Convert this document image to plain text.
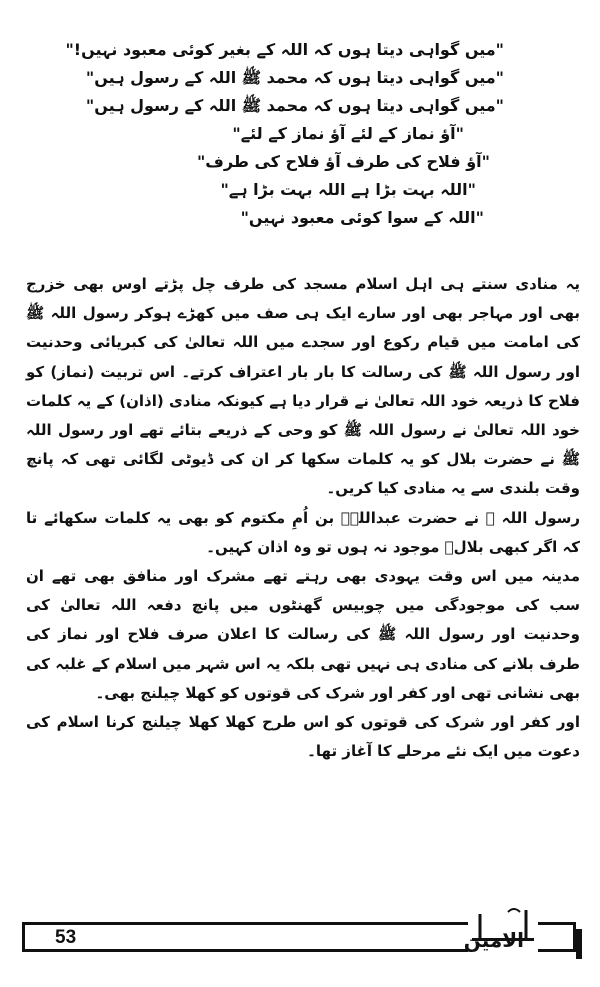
"میں گواہی دیتا ہوں کہ اللہ کے بغیر کوئی معبود نہیں!"
"میں گواہی دیتا ہوں کہ محمد ﷺ اللہ کے رسول ہیں"
"میں گواہی دیتا ہوں کہ محمد ﷺ اللہ کے رسول ہیں"
"آؤ نماز کے لئے آؤ نماز کے لئے"
"آؤ فلاح کی طرف آؤ فلاح کی طرف"
"اللہ بہت بڑا ہے اللہ بہت بڑا ہے"
"اللہ کے سوا کوئی معبود نہیں"

یہ منادی سنتے ہی اہل اسلام مسجد کی طرف چل پڑتے اوس بھی خزرج بھی اور مہاجر بھی اور سارے ایک ہی صف میں کھڑے ہوکر رسول اللہ ﷺ کی امامت میں قیام رکوع اور سجدے میں اللہ تعالیٰ کی کبریائی وحدنیت اور رسول اللہ ﷺ کی رسالت کا بار بار اعتراف کرتے۔ اس تربیت (نماز) کو فلاح کا ذریعہ خود اللہ تعالیٰ نے قرار دیا ہے کیونکہ منادی (اذان) کے یہ کلمات خود اللہ تعالیٰ نے رسول اللہ ﷺ کو وحی کے ذریعے بتائے تھے اور رسول اللہ ﷺ نے حضرت بلال کو یہ کلمات سکھا کر ان کی ڈیوٹی لگائی تھی کہ پانچ وقت بلندی سے یہ منادی کیا کریں۔

رسول اللہ ﷺ نے حضرت عبداللہؓ بن اُمِ مکتوم کو بھی یہ کلمات سکھائے تا کہ اگر کبھی بلالؓ موجود نہ ہوں تو وہ اذان کہیں۔

مدینہ میں اس وقت یہودی بھی رہتے تھے مشرک اور منافق بھی تھے ان سب کی موجودگی میں چوبیس گھنٹوں میں پانچ دفعہ اللہ تعالیٰ کی وحدنیت اور رسول اللہ ﷺ کی رسالت کا اعلان صرف فلاح اور نماز کی طرف بلانے کی منادی ہی نہیں تھی بلکہ یہ اس شہر میں اسلام کے غلبہ کی بھی نشانی تھی اور کفر اور شرک کی قوتوں کو کھلا چیلنج بھی۔

اور کفر اور شرک کی قوتوں کو اس طرح کھلا کھلا چیلنج کرنا اسلام کی دعوت میں ایک نئے مرحلے کا آغاز تھا۔

53	الامین
